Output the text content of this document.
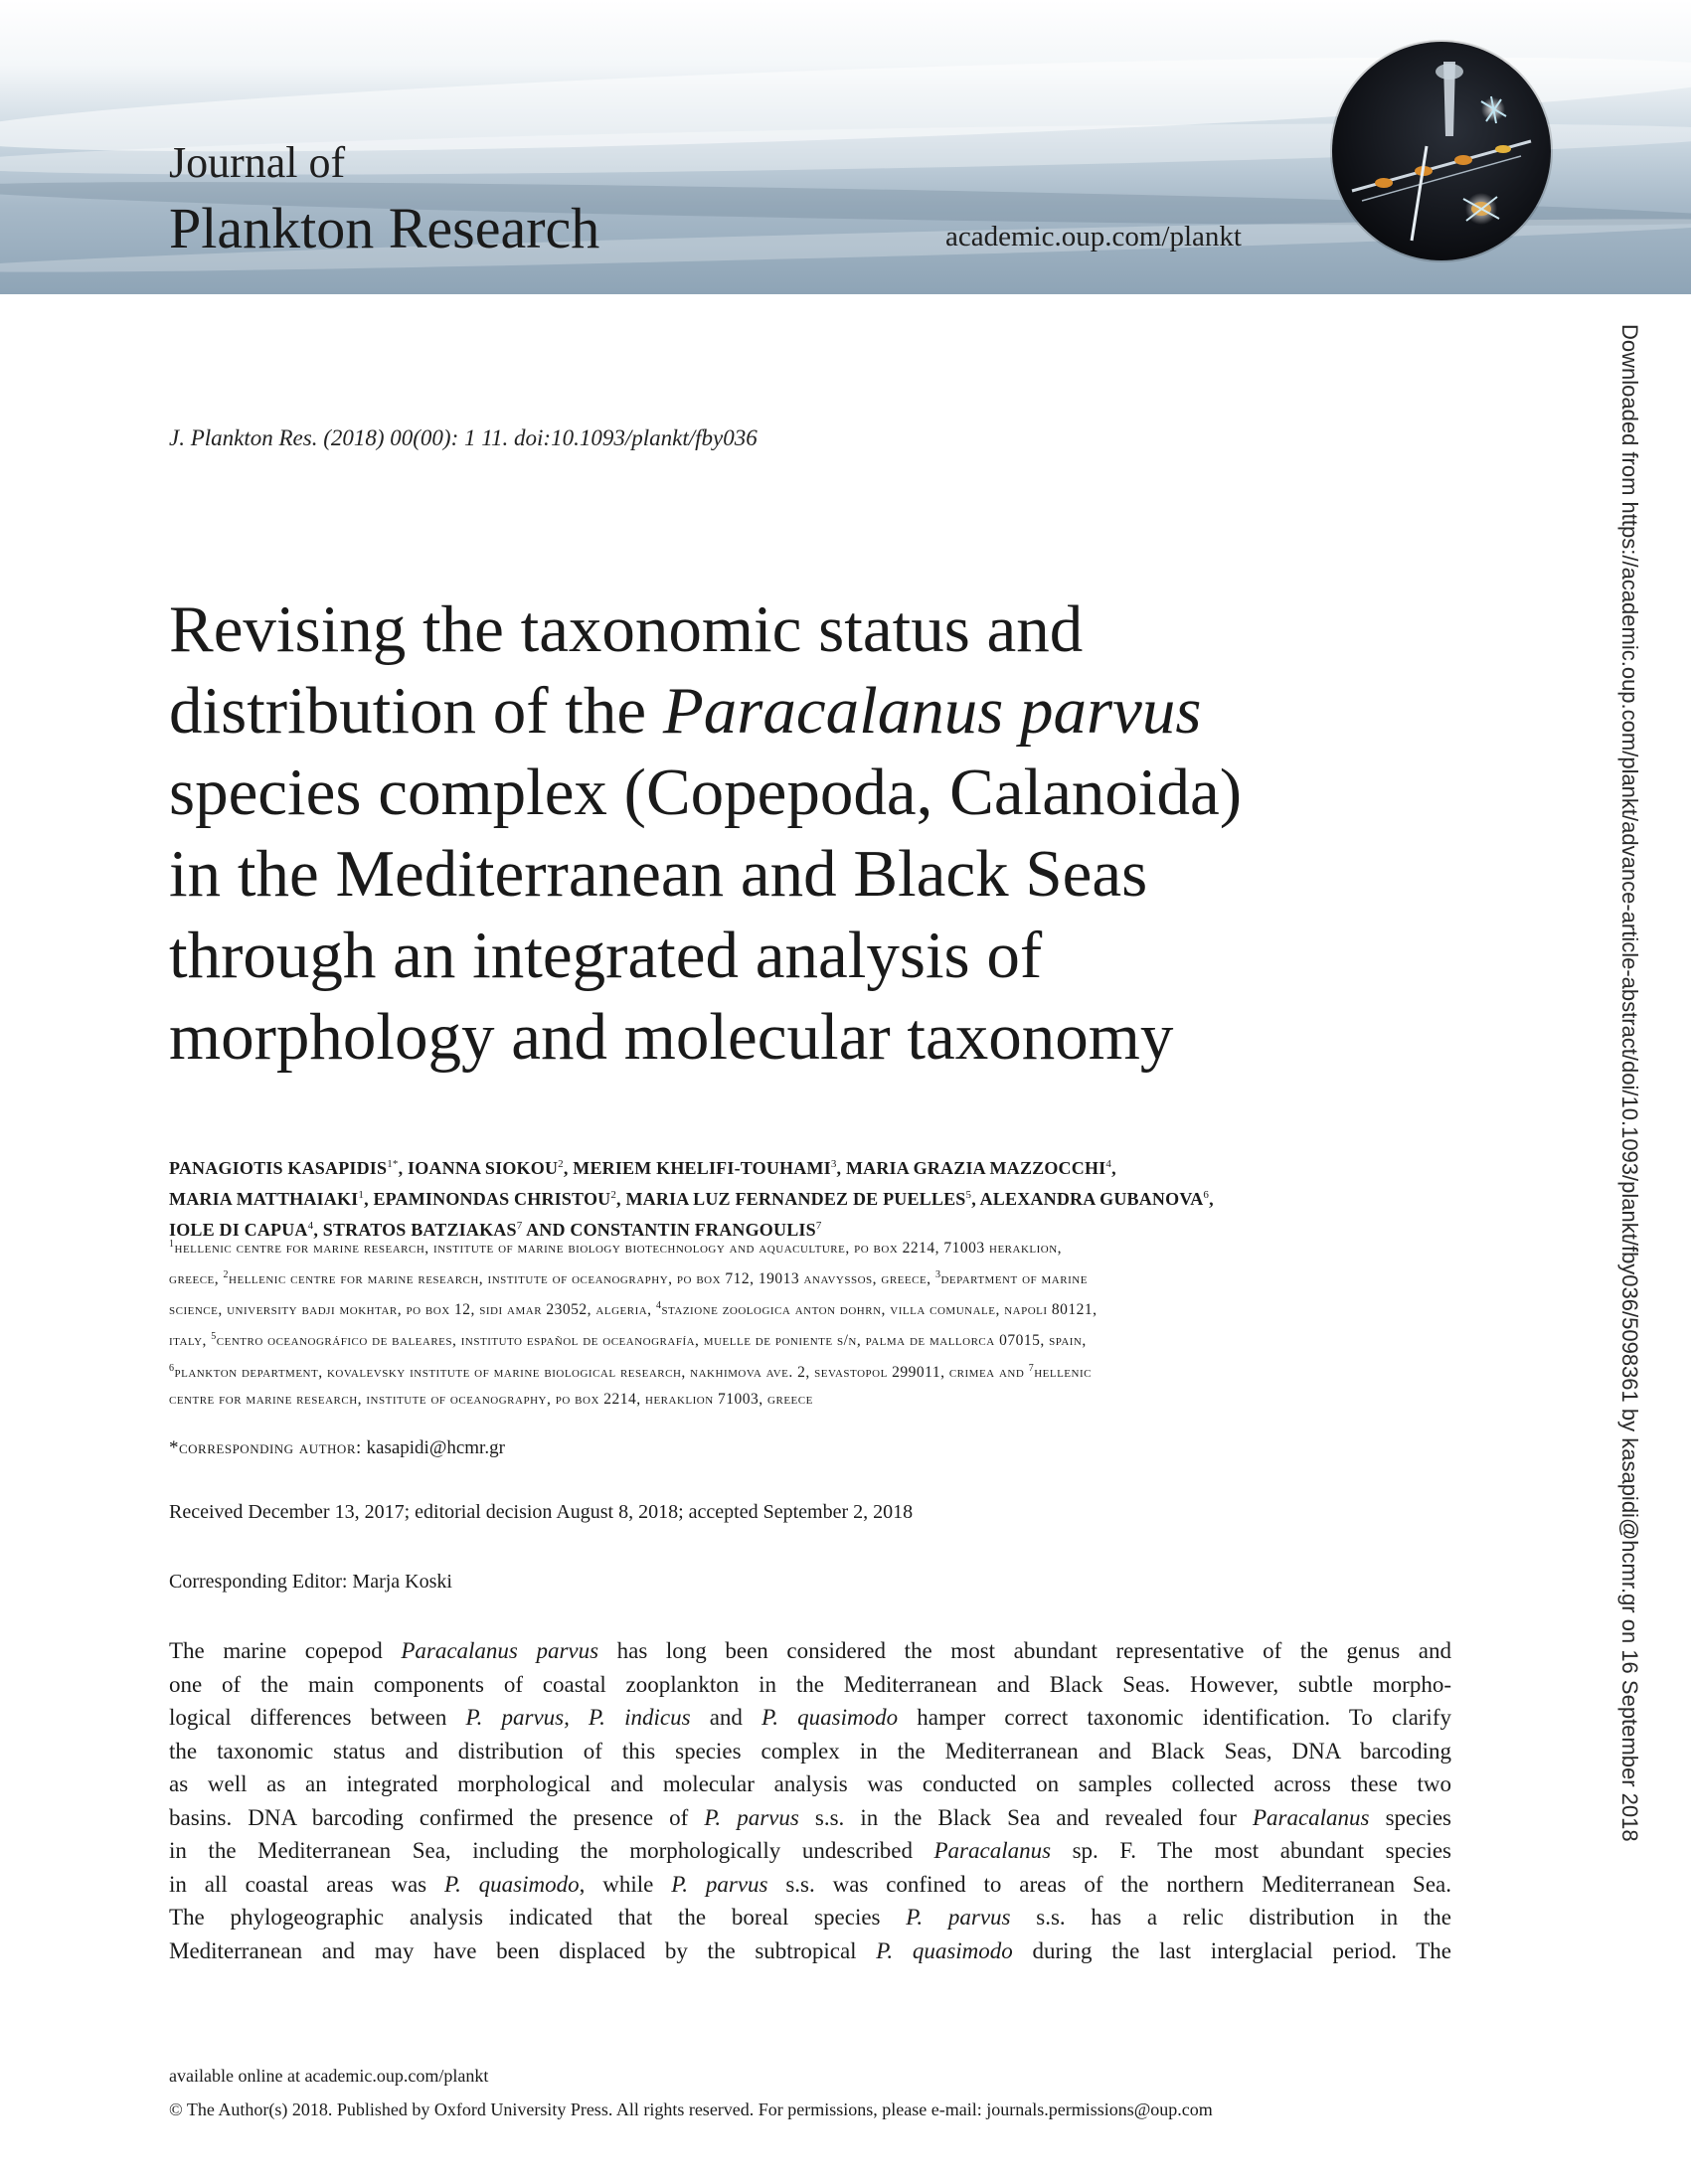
Journal of
Plankton Research	academic.oup.com/plankt
Downloaded from https://academic.oup.com/plankt/advance-article-abstract/doi/10.1093/plankt/fby036/5098361 by kasapidi@hcmr.gr on 16 September 2018
J. Plankton Res. (2018) 00(00): 1 11. doi:10.1093/plankt/fby036
Revising the taxonomic status and
distribution of the Paracalanus parvus
species complex (Copepoda, Calanoida)
in the Mediterranean and Black Seas
through an integrated analysis of
morphology and molecular taxonomy
PANAGIOTIS $KASAPIDIS^{1*}$, IOANNA SIOKOU$^2$, MERIEM KHELIFI-TOUHAMI$^3$, MARIA GRAZIA MAZZOCCHI$^4$,
MARIA MATTHAIAKI$^1$, EPAMINONDAS CHRISTOU$^2$, MARIA LUZ FERNANDEZ DE PUELLES$^5$, ALEXANDRA GUBANOVA$^6$,
IOLE DI CAPUA$^4$, STRATOS BATZIAKAS$^7$ AND CONSTANTIN FRANGOULIS$^7$
$^1$hellenic centre for marine research, institute of marine biology biotechnology and aquaculture, po box 2214, 71003 heraklion,
greece, $^2$hellenic centre for marine research, institute of oceanography, po box 712, 19013 anavyssos, greece, $^3$department of marine
science, university badji mokhtar, po box 12, sidi amar 23052, algeria, $^4$stazione zoologica anton dohrn, villa comunale, napoli 80121,
italy, $^5$centro oceanográfico de baleares, instituto español de oceanografía, muelle de poniente s/n, palma de mallorca 07015, spain,
$^6$plankton department, kovalevsky institute of marine biological research, nakhimova ave. 2, sevastopol 299011, crimea and $^7$hellenic
centre for marine research, institute of oceanography, po box 2214, heraklion 71003, greece
*corresponding author: kasapidi@hcmr.gr
Received December 13, 2017; editorial decision August 8, 2018; accepted September 2, 2018
Corresponding Editor: Marja Koski
The marine copepod Paracalanus parvus has long been considered the most abundant representative of the genus and
one of the main components of coastal zooplankton in the Mediterranean and Black Seas. However, subtle morpho-
logical differences between P. parvus, P. indicus and P. quasimodo hamper correct taxonomic identification. To clarify
the taxonomic status and distribution of this species complex in the Mediterranean and Black Seas, DNA barcoding
as well as an integrated morphological and molecular analysis was conducted on samples collected across these two
basins. DNA barcoding confirmed the presence of P. parvus s.s. in the Black Sea and revealed four Paracalanus species
in the Mediterranean Sea, including the morphologically undescribed Paracalanus sp. F. The most abundant species
in all coastal areas was P. quasimodo, while P. parvus s.s. was confined to areas of the northern Mediterranean Sea.
The phylogeographic analysis indicated that the boreal species P. parvus s.s. has a relic distribution in the
Mediterranean and may have been displaced by the subtropical P. quasimodo during the last interglacial period. The
available online at academic.oup.com/plankt
© The Author(s) 2018. Published by Oxford University Press. All rights reserved. For permissions, please e-mail: journals.permissions@oup.com
